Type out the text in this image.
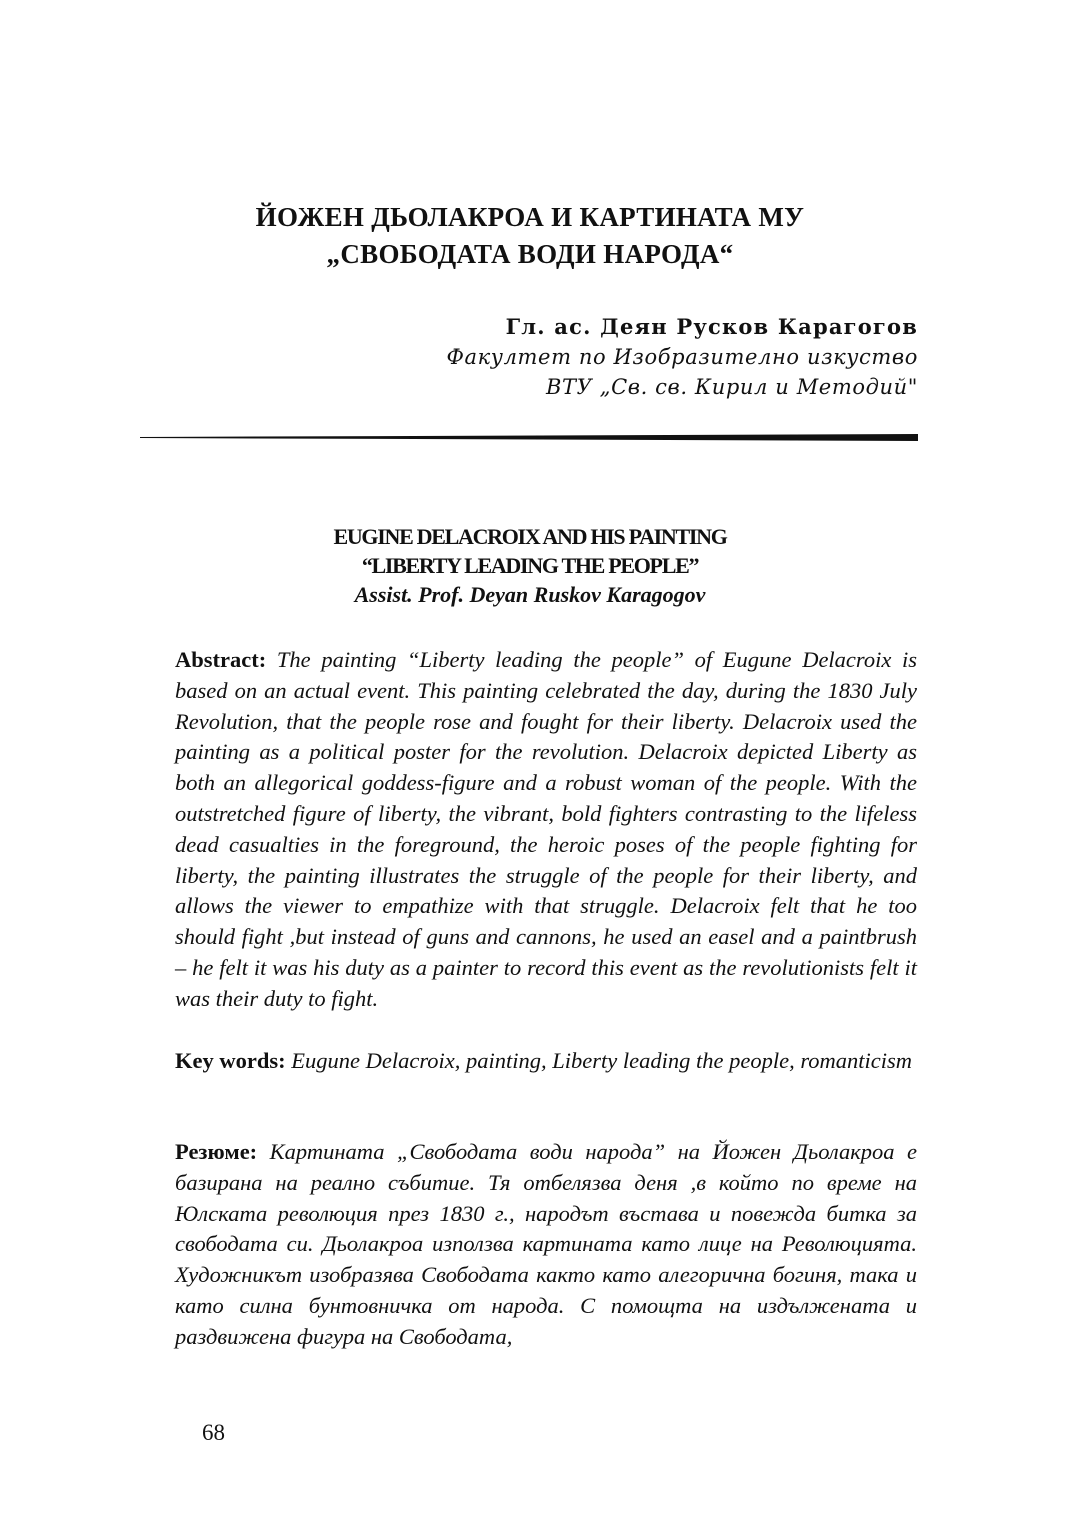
ЙОЖЕН ДЬОЛАКРОА И КАРТИНАТА МУ
„СВОБОДАТА ВОДИ НАРОДА“
Гл. ас. Деян Русков Карагогов
Факултет по Изобразително изкуство
ВТУ „Св. св. Кирил и Методий"
EUGINE DELACROIX AND HIS PAINTING
“LIBERTY LEADING THE PEOPLE”
Assist. Prof. Deyan Ruskov Karagogov

Abstract: The painting “Liberty leading the people” of Eugune Delacroix is based on an actual event. This painting celebrated the day, during the 1830 July Revolution, that the people rose and fought for their liberty. Delacroix used the painting as a political poster for the revolution. Delacroix depicted Liberty as both an allegorical goddess-figure and a robust woman of the people. With the outstretched figure of liberty, the vibrant, bold fighters contrasting to the lifeless dead casualties in the foreground, the heroic poses of the people fighting for liberty, the painting illustrates the struggle of the people for their liberty, and allows the viewer to empathize with that struggle. Delacroix felt that he too should fight ,but instead of guns and cannons, he used an easel and a paintbrush – he felt it was his duty as a painter to record this event as the revolutionists felt it was their duty to fight.

Key words: Eugune Delacroix, painting, Liberty leading the people, romanticism

Резюме: Картината „Свободата води народа” на Йожен Дьолакроа е базирана на реално събитие. Тя отбелязва деня ,в който по време на Юлската революция през 1830 г., народът въстава и повежда битка за свободата си. Дьолакроа използва картината като лице на Революцията. Художникът изобразява Свободата както като алегорична богиня, така и като силна бунтовничка от народа. С помощта на издължената и раздвижена фигура на Свободата,

68
